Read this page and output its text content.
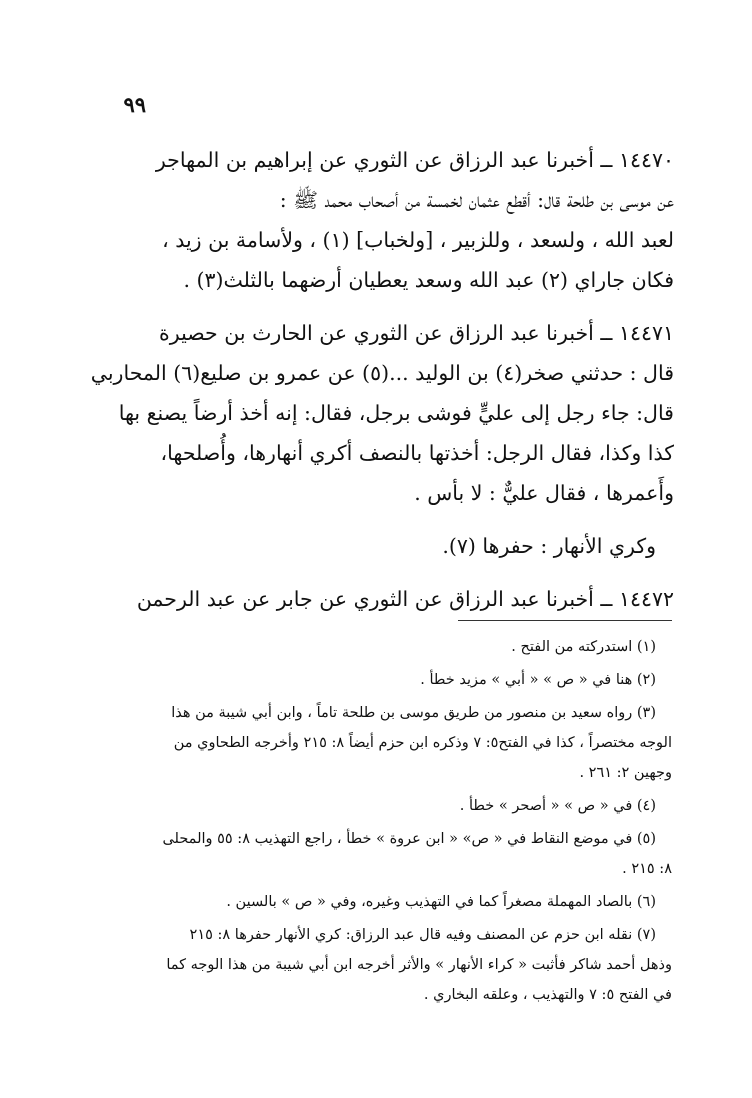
٩٩

١٤٤٧٠ ــ أخبرنا عبد الرزاق عن الثوري عن إبراهيم بن المهاجر
عن موسى بن طلحة قال: أقطع عثمان لخمسة من أصحاب محمد ﷺ :
لعبد الله ، ولسعد ، وللزبير ، [ولخباب] (١) ، ولأسامة بن زيد ،
فكان جاراي (٢) عبد الله وسعد يعطيان أرضهما بالثلث(٣) .

١٤٤٧١ ــ أخبرنا عبد الرزاق عن الثوري عن الحارث بن حصيرة
قال : حدثني صخر(٤) بن الوليد ...(٥) عن عمرو بن صليع(٦) المحاربي
قال: جاء رجل إلى عليٍّ فوشى برجل، فقال: إنه أخذ أرضاً يصنع بها
كذا وكذا، فقال الرجل: أخذتها بالنصف أكري أنهارها، وأُصلحها،
وأَعمرها ، فقال عليٌّ : لا بأس .

وكري الأنهار : حفرها (٧).

١٤٤٧٢ ــ أخبرنا عبد الرزاق عن الثوري عن جابر عن عبد الرحمن

(١) استدركته من الفتح .

(٢) هنا في « ص » « أبي » مزيد خطأ .

(٣) رواه سعيد بن منصور من طريق موسى بن طلحة تاماً ، وابن أبي شيبة من هذا
الوجه مختصراً ، كذا في الفتح٥: ٧ وذكره ابن حزم أيضاً ٨: ٢١٥ وأخرجه الطحاوي من
وجهين ٢: ٢٦١ .

(٤) في « ص » « أصحر » خطأ .

(٥) في موضع النقاط في « ص» « ابن عروة » خطأ ، راجع التهذيب ٨: ٥٥ والمحلى
٨: ٢١٥ .

(٦) بالصاد المهملة مصغراً كما في التهذيب وغيره، وفي « ص » بالسين .

(٧) نقله ابن حزم عن المصنف وفيه قال عبد الرزاق: كري الأنهار حفرها ٨: ٢١٥
وذهل أحمد شاكر فأثبت « كراء الأنهار » والأثر أخرجه ابن أبي شيبة من هذا الوجه كما
في الفتح ٥: ٧ والتهذيب ، وعلقه البخاري .
